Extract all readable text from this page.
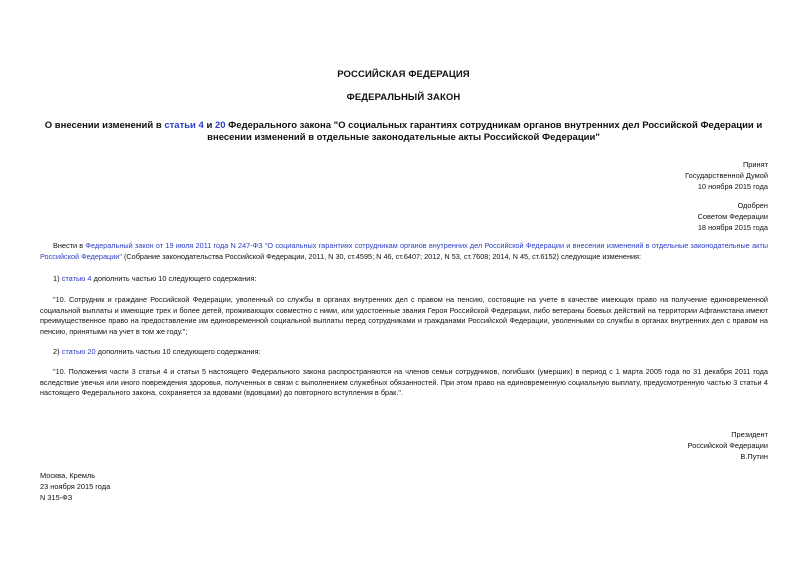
РОССИЙСКАЯ ФЕДЕРАЦИЯ
ФЕДЕРАЛЬНЫЙ ЗАКОН
О внесении изменений в статьи 4 и 20 Федерального закона "О социальных гарантиях сотрудникам органов внутренних дел Российской Федерации и внесении изменений в отдельные законодательные акты Российской Федерации"
Принят
Государственной Думой
10 ноября 2015 года
Одобрен
Советом Федерации
18 ноября 2015 года
Внести в Федеральный закон от 19 июля 2011 года N 247-ФЗ "О социальных гарантиях сотрудникам органов внутренних дел Российской Федерации и внесении изменений в отдельные законодательные акты Российской Федерации" (Собрание законодательства Российской Федерации, 2011, N 30, ст.4595; N 46, ст.6407; 2012, N 53, ст.7608; 2014, N 45, ст.6152) следующие изменения:
1) статью 4 дополнить частью 10 следующего содержания:
"10. Сотрудник и граждане Российской Федерации, уволенный со службы в органах внутренних дел с правом на пенсию, состоящие на учете в качестве имеющих право на получение единовременной социальной выплаты и имеющие трех и более детей, проживающих совместно с ними, или удостоенные звания Героя Российской Федерации, либо ветераны боевых действий на территории Афганистана имеют преимущественное право на предоставление им единовременной социальной выплаты перед сотрудниками и гражданами Российской Федерации, уволенными со службы в органах внутренних дел с правом на пенсию, принятыми на учет в том же году.";
2) статью 20 дополнить частью 10 следующего содержания:
"10. Положения части 3 статьи 4 и статьи 5 настоящего Федерального закона распространяются на членов семьи сотрудников, погибших (умерших) в период с 1 марта 2005 года по 31 декабря 2011 года вследствие увечья или иного повреждения здоровья, полученных в связи с выполнением служебных обязанностей. При этом право на единовременную социальную выплату, предусмотренную частью 3 статьи 4 настоящего Федерального закона, сохраняется за вдовами (вдовцами) до повторного вступления в брак.".
Президент
Российской Федерации
В.Путин
Москва, Кремль
23 ноября 2015 года
N 315-ФЗ
